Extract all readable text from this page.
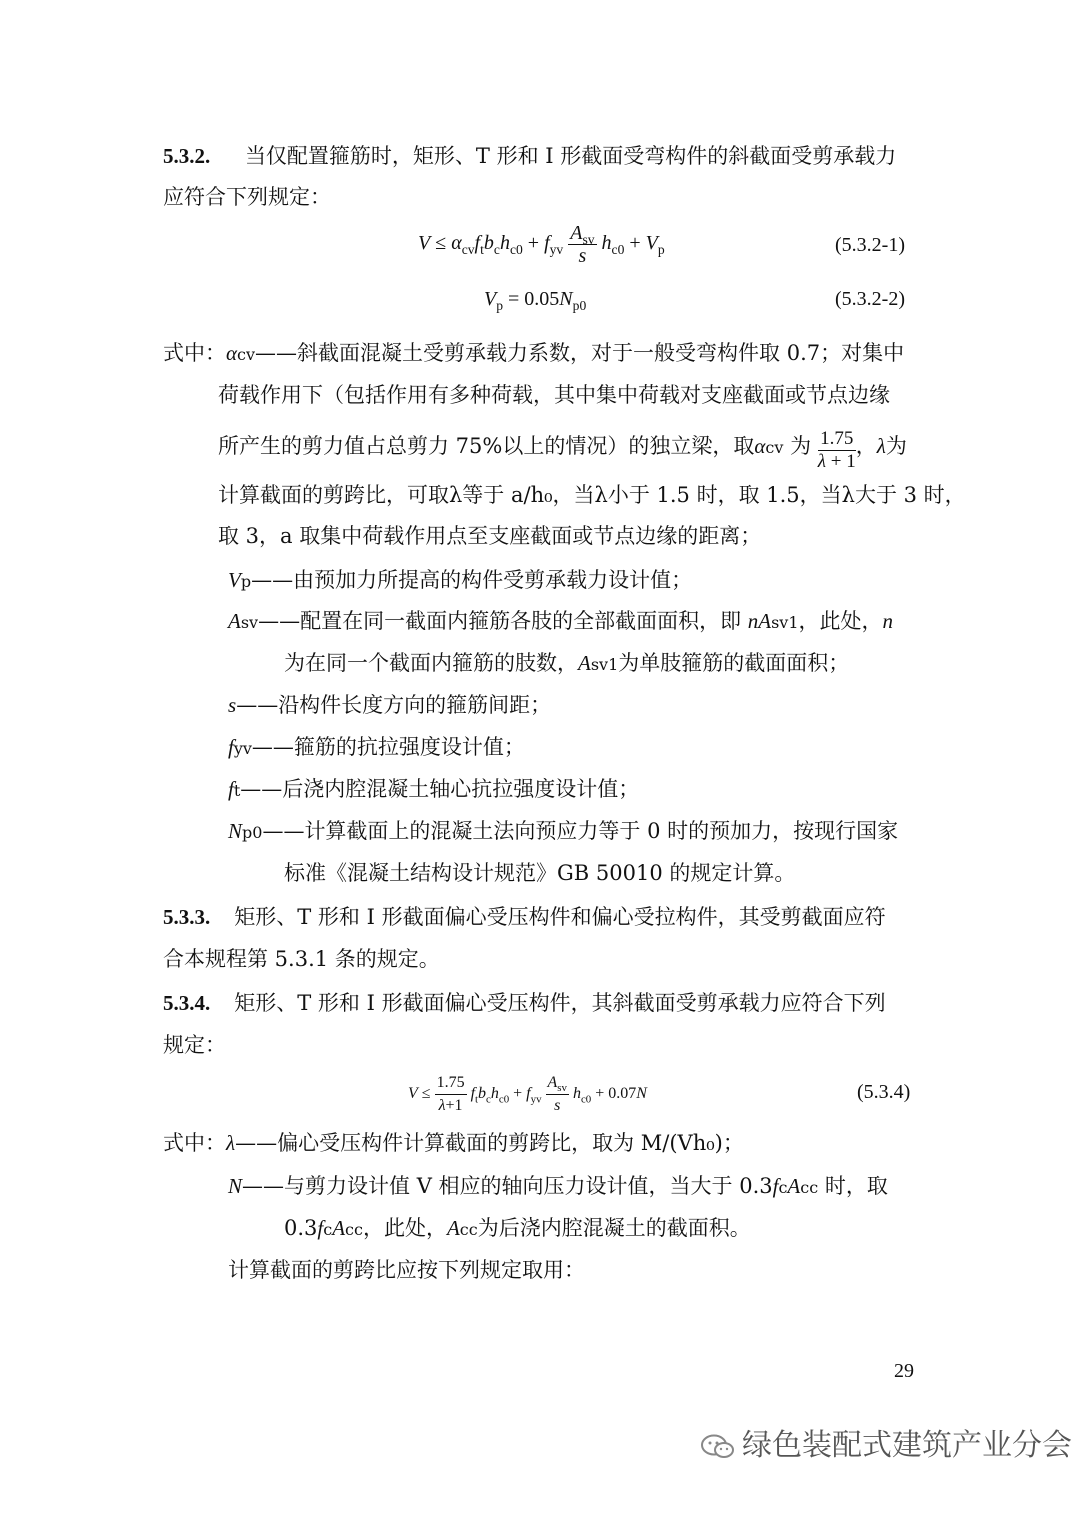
5.3.2. 当仅配置箍筋时，矩形、T 形和 I 形截面受弯构件的斜截面受剪承载力
应符合下列规定：
$V \le \alpha_{cv}f_tb_ch_{c0} + f_{yv} \frac{A_{sv}}{s} h_{c0} + V_p$	(5.3.2-1)
$V_p = 0.05N_{p0}$	(5.3.2-2)
式中：αcv——斜截面混凝土受剪承载力系数，对于一般受弯构件取 0.7；对集中
荷载作用下（包括作用有多种荷载，其中集中荷载对支座截面或节点边缘
所产生的剪力值占总剪力 75%以上的情况）的独立梁，取αcv 为 $\frac{1.75}{\lambda + 1}$ ，λ为
计算截面的剪跨比，可取λ等于 a/h₀，当λ小于 1.5 时，取 1.5，当λ大于 3 时，
取 3，a 取集中荷载作用点至支座截面或节点边缘的距离；
Vp——由预加力所提高的构件受剪承载力设计值；
Asv——配置在同一截面内箍筋各肢的全部截面面积，即 nAsv1，此处，n
为在同一个截面内箍筋的肢数，Asv1为单肢箍筋的截面面积；
s——沿构件长度方向的箍筋间距；
fyv——箍筋的抗拉强度设计值；
ft——后浇内腔混凝土轴心抗拉强度设计值；
Np0——计算截面上的混凝土法向预应力等于 0 时的预加力，按现行国家
标准《混凝土结构设计规范》GB 50010 的规定计算。
5.3.3. 矩形、T 形和 I 形截面偏心受压构件和偏心受拉构件，其受剪截面应符
合本规程第 5.3.1 条的规定。
5.3.4. 矩形、T 形和 I 形截面偏心受压构件，其斜截面受剪承载力应符合下列
规定：
$V \le \frac{1.75}{\lambda+1} f_tb_ch_{c0} + f_{yv} \frac{A_{sv}}{s} h_{c0} + 0.07N$	(5.3.4)
式中：λ——偏心受压构件计算截面的剪跨比，取为 M/(Vh₀)；
N——与剪力设计值 V 相应的轴向压力设计值，当大于 0.3fcAcc 时，取
0.3fcAcc，此处，Acc为后浇内腔混凝土的截面积。
计算截面的剪跨比应按下列规定取用：
29
绿色装配式建筑产业分会
